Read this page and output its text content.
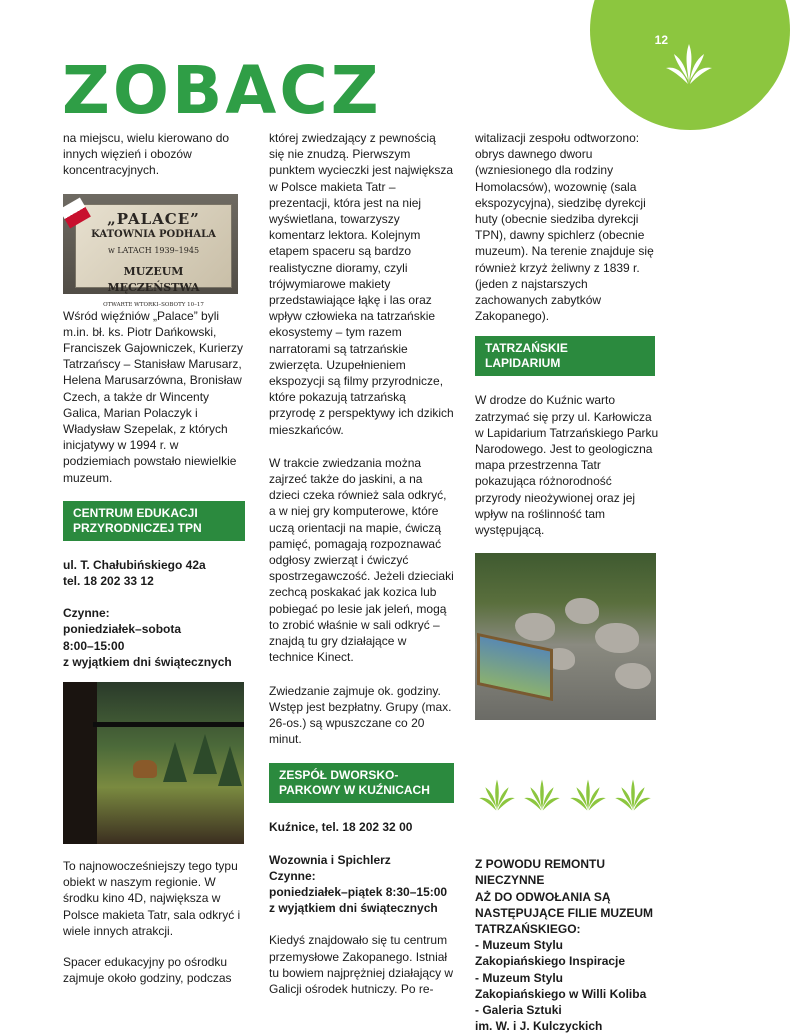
12
ZOBACZ

na miejscu, wielu kierowano do innych więzień i obozów koncentracyjnych.

„PALACE”
KATOWNIA PODHALA
w LATACH 1939–1945
MUZEUM MĘCZEŃSTWA
OTWARTE WTORKI–SOBOTY 10–17

Wśród więźniów „Palace” byli m.in. bł. ks. Piotr Dańkowski, Franciszek Gajowniczek, Kurierzy Tatrzańscy – Stanisław Marusarz, Helena Marusarzówna, Bronisław Czech, a także dr Wincenty Galica, Marian Polaczyk i Władysław Szepelak, z których inicjatywy w 1994 r. w podziemiach powstało niewielkie muzeum.

CENTRUM EDUKACJI PRZYRODNICZEJ TPN
ul. T. Chałubińskiego 42a
tel. 18 202 33 12
Czynne:
poniedziałek–sobota
8:00–15:00
z wyjątkiem dni świątecznych

To najnowocześniejszy tego typu obiekt w naszym regionie. W środku kino 4D, największa w Polsce makieta Tatr, sala odkryć i wiele innych atrakcji.

Spacer edukacyjny po ośrodku zajmuje około godziny, podczas

której zwiedzający z pewnością się nie znudzą. Pierwszym punktem wycieczki jest największa w Polsce makieta Tatr – prezentacji, która jest na niej wyświetlana, towarzyszy komentarz lektora. Kolejnym etapem spaceru są bardzo realistyczne dioramy, czyli trójwymiarowe makiety przedstawiające łąkę i las oraz wpływ człowieka na tatrzańskie ekosystemy – tym razem narratorami są tatrzańskie zwierzęta. Uzupełnieniem ekspozycji są filmy przyrodnicze, które pokazują tatrzańską przyrodę z perspektywy ich dzikich mieszkańców.

W trakcie zwiedzania można zajrzeć także do jaskini, a na dzieci czeka również sala odkryć, a w niej gry komputerowe, które uczą orientacji na mapie, ćwiczą pamięć, pomagają rozpoznawać odgłosy zwierząt i ćwiczyć spostrzegawczość. Jeżeli dzieciaki zechcą poskakać jak kozica lub pobiegać po lesie jak jeleń, mogą to zrobić właśnie w sali odkryć – znajdą tu gry działające w technice Kinect.

Zwiedzanie zajmuje ok. godziny. Wstęp jest bezpłatny. Grupy (max. 26-os.) są wpuszczane co 20 minut.

ZESPÓŁ DWORSKO-PARKOWY W KUŹNICACH
Kuźnice, tel. 18 202 32 00
Wozownia i Spichlerz
Czynne:
poniedziałek–piątek 8:30–15:00
z wyjątkiem dni świątecznych

Kiedyś znajdowało się tu centrum przemysłowe Zakopanego. Istniał tu bowiem najprężniej działający w Galicji ośrodek hutniczy. Po re-

witalizacji zespołu odtworzono: obrys dawnego dworu (wzniesionego dla rodziny Homolacsów), wozownię (sala ekspozycyjna), siedzibę dyrekcji huty (obecnie siedziba dyrekcji TPN), dawny spichlerz (obecnie muzeum). Na terenie znajduje się również krzyż żeliwny z 1839 r. (jeden z najstarszych zachowanych zabytków Zakopanego).

TATRZAŃSKIE LAPIDARIUM

W drodze do Kuźnic warto zatrzymać się przy ul. Karłowicza w Lapidarium Tatrzańskiego Parku Narodowego. Jest to geologiczna mapa przestrzenna Tatr pokazująca różnorodność przyrody nieożywionej oraz jej wpływ na roślinność tam występującą.

Z POWODU REMONTU
NIECZYNNE
AŻ DO ODWOŁANIA SĄ
NASTĘPUJĄCE FILIE MUZEUM
TATRZAŃSKIEGO:
- Muzeum Stylu
Zakopiańskiego Inspiracje
- Muzeum Stylu
Zakopiańskiego w Willi Koliba
- Galeria Sztuki
im. W. i J. Kulczyckich
